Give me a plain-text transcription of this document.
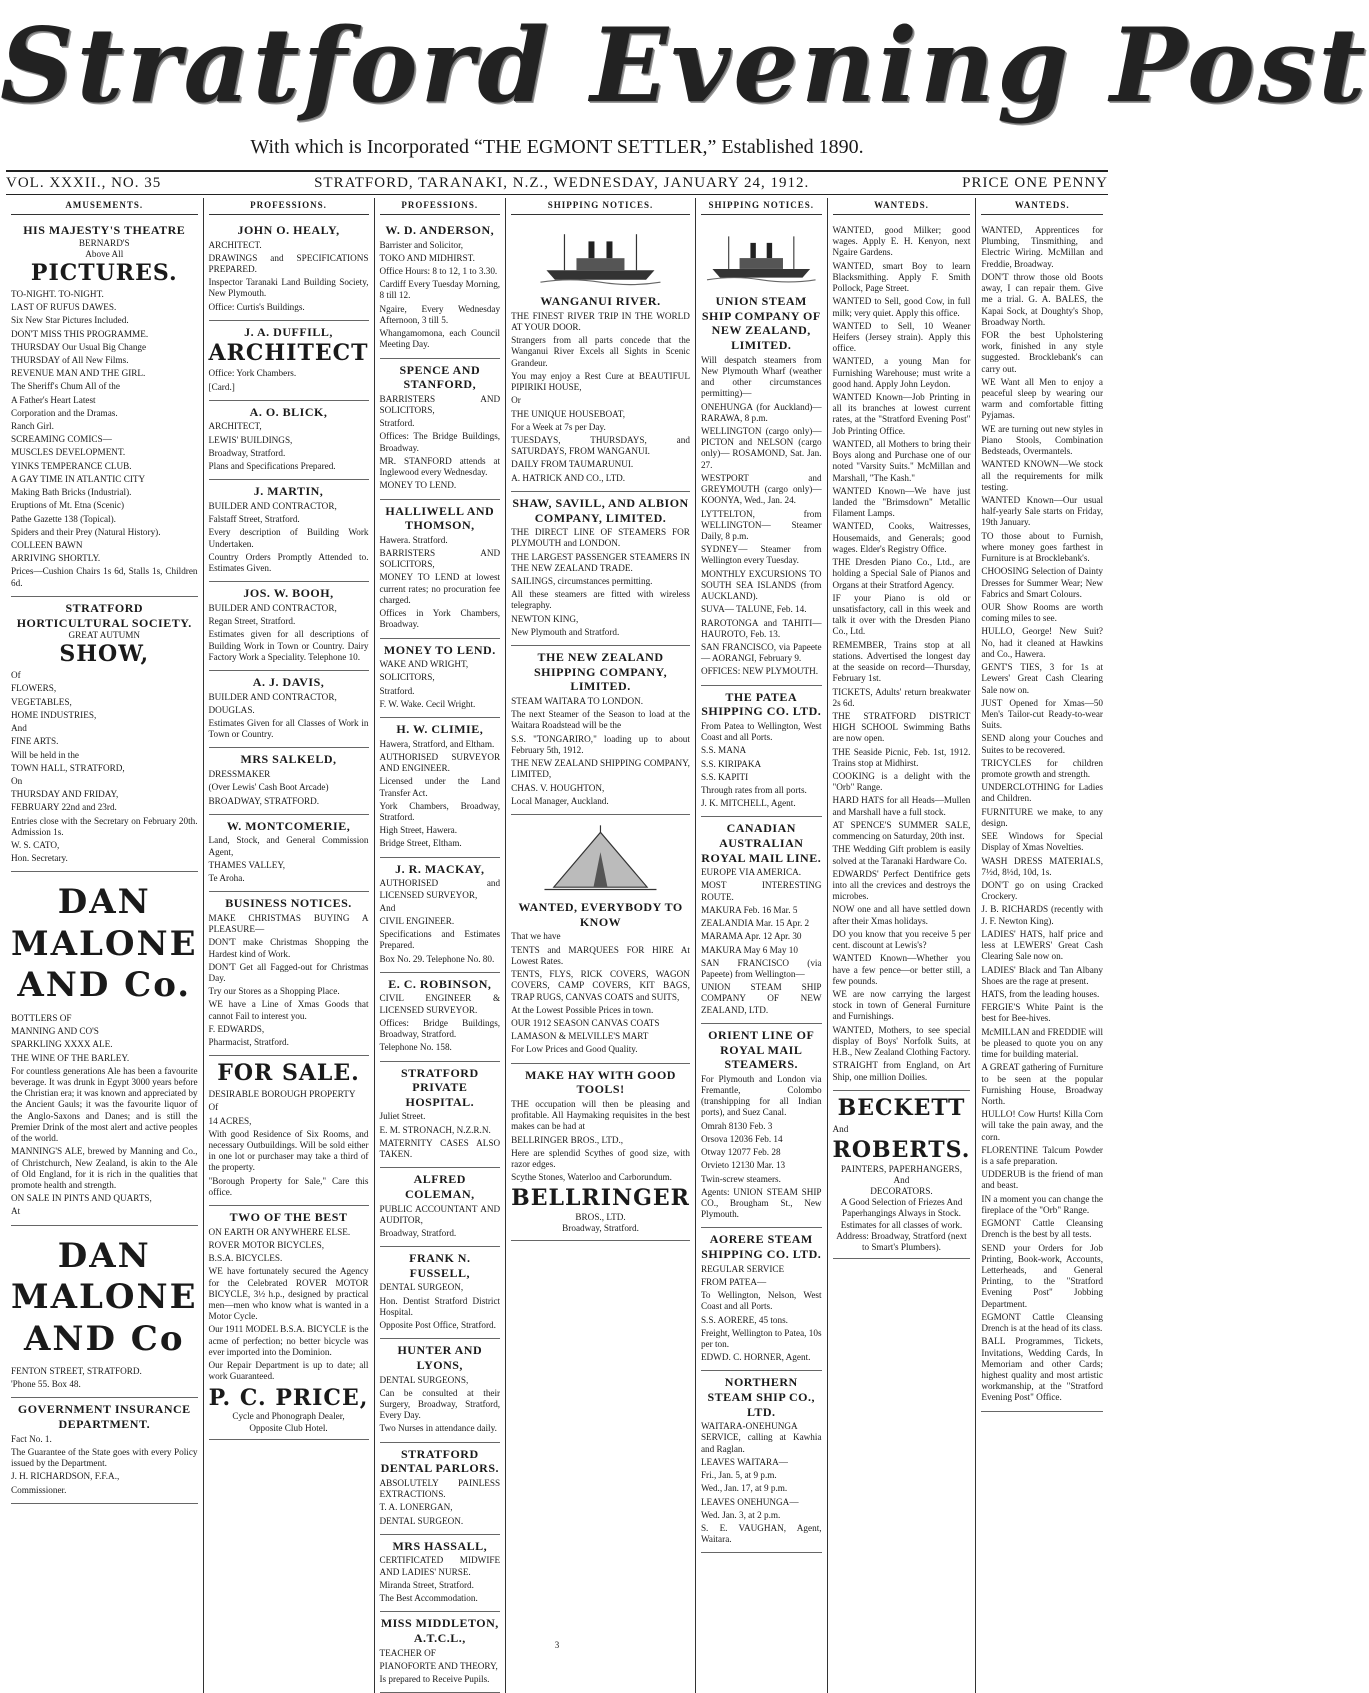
Stratford Evening Post
With which is Incorporated “THE EGMONT SETTLER,” Established 1890.
VOL. XXXII., NO. 35	STRATFORD, TARANAKI, N.Z., WEDNESDAY, JANUARY 24, 1912.	PRICE ONE PENNY
AMUSEMENTS.
HIS MAJESTY'S THEATRE
BERNARD'S
Above All
PICTURES.

TO-NIGHT. TO-NIGHT.

LAST OF RUFUS DAWES.

Six New Star Pictures Included.

DON'T MISS THIS PROGRAMME.

THURSDAY Our Usual Big Change

THURSDAY of All New Films.

REVENUE MAN AND THE GIRL.

The Sheriff's Chum All of the

A Father's Heart Latest

Corporation and the Dramas.

Ranch Girl.

SCREAMING COMICS—

MUSCLES DEVELOPMENT.

YINKS TEMPERANCE CLUB.

A GAY TIME IN ATLANTIC CITY

Making Bath Bricks (Industrial).

Eruptions of Mt. Etna (Scenic)

Pathe Gazette 138 (Topical).

Spiders and their Prey (Natural History).

COLLEEN BAWN

ARRIVING SHORTLY.

Prices—Cushion Chairs 1s 6d, Stalls 1s, Children 6d.

STRATFORD HORTICULTURAL SOCIETY.
GREAT AUTUMN
SHOW,

Of

FLOWERS,

VEGETABLES,

HOME INDUSTRIES,

And

FINE ARTS.

Will be held in the

TOWN HALL, STRATFORD,

On

THURSDAY AND FRIDAY,

FEBRUARY 22nd and 23rd.

Entries close with the Secretary on February 20th. Admission 1s.

W. S. CATO,

Hon. Secretary.

DAN MALONE AND Co.

BOTTLERS OF

MANNING AND CO'S

SPARKLING XXXX ALE.

THE WINE OF THE BARLEY.

For countless generations Ale has been a favourite beverage. It was drunk in Egypt 3000 years before the Christian era; it was known and appreciated by the Ancient Gauls; it was the favourite liquor of the Anglo-Saxons and Danes; and is still the Premier Drink of the most alert and active peoples of the world.

MANNING'S ALE, brewed by Manning and Co., of Christchurch, New Zealand, is akin to the Ale of Old England, for it is rich in the qualities that promote health and strength.

ON SALE IN PINTS AND QUARTS,

At

DAN MALONE AND Co

FENTON STREET, STRATFORD.

'Phone 55. Box 48.

GOVERNMENT INSURANCE DEPARTMENT.

Fact No. 1.

The Guarantee of the State goes with every Policy issued by the Department.

J. H. RICHARDSON, F.F.A.,

Commissioner.

PROFESSIONS.
JOHN O. HEALY,

ARCHITECT.

DRAWINGS and SPECIFICATIONS PREPARED.

Inspector Taranaki Land Building Society, New Plymouth.

Office: Curtis's Buildings.

J. A. DUFFILL,
ARCHITECT

Office: York Chambers.

[Card.]

A. O. BLICK,

ARCHITECT,

LEWIS' BUILDINGS,

Broadway, Stratford.

Plans and Specifications Prepared.

J. MARTIN,

BUILDER AND CONTRACTOR,

Falstaff Street, Stratford.

Every description of Building Work Undertaken.

Country Orders Promptly Attended to. Estimates Given.

JOS. W. BOOH,

BUILDER AND CONTRACTOR,

Regan Street, Stratford.

Estimates given for all descriptions of Building Work in Town or Country. Dairy Factory Work a Speciality. Telephone 10.

A. J. DAVIS,

BUILDER AND CONTRACTOR,

DOUGLAS.

Estimates Given for all Classes of Work in Town or Country.

MRS SALKELD,

DRESSMAKER

(Over Lewis' Cash Boot Arcade)

BROADWAY, STRATFORD.

W. MONTCOMERIE,

Land, Stock, and General Commission Agent,

THAMES VALLEY,

Te Aroha.

BUSINESS NOTICES.

MAKE CHRISTMAS BUYING A PLEASURE—

DON'T make Christmas Shopping the Hardest kind of Work.

DON'T Get all Fagged-out for Christmas Day.

Try our Stores as a Shopping Place.

WE have a Line of Xmas Goods that cannot Fail to interest you.

F. EDWARDS,

Pharmacist, Stratford.

FOR SALE.

DESIRABLE BOROUGH PROPERTY

Of

14 ACRES,

With good Residence of Six Rooms, and necessary Outbuildings. Will be sold either in one lot or purchaser may take a third of the property.

"Borough Property for Sale," Care this office.

TWO OF THE BEST

ON EARTH OR ANYWHERE ELSE.

ROVER MOTOR BICYCLES,

B.S.A. BICYCLES.

WE have fortunately secured the Agency for the Celebrated ROVER MOTOR BICYCLE, 3½ h.p., designed by practical men—men who know what is wanted in a Motor Cycle.

Our 1911 MODEL B.S.A. BICYCLE is the acme of perfection; no better bicycle was ever imported into the Dominion.

Our Repair Department is up to date; all work Guaranteed.

P. C. PRICE,
Cycle and Phonograph Dealer,
Opposite Club Hotel.
PROFESSIONS.
W. D. ANDERSON,

Barrister and Solicitor,

TOKO AND MIDHIRST.

Office Hours: 8 to 12, 1 to 3.30.

Cardiff Every Tuesday Morning, 8 till 12.

Ngaire, Every Wednesday Afternoon, 3 till 5.

Whangamomona, each Council Meeting Day.

SPENCE AND STANFORD,

BARRISTERS AND SOLICITORS,

Stratford.

Offices: The Bridge Buildings, Broadway.

MR. STANFORD attends at Inglewood every Wednesday.

MONEY TO LEND.

HALLIWELL AND THOMSON,

Hawera. Stratford.

BARRISTERS AND SOLICITORS,

MONEY TO LEND at lowest current rates; no procuration fee charged.

Offices in York Chambers, Broadway.

MONEY TO LEND.

WAKE AND WRIGHT,

SOLICITORS,

Stratford.

F. W. Wake. Cecil Wright.

H. W. CLIMIE,

Hawera, Stratford, and Eltham.

AUTHORISED SURVEYOR AND ENGINEER.

Licensed under the Land Transfer Act.

York Chambers, Broadway, Stratford.

High Street, Hawera.

Bridge Street, Eltham.

J. R. MACKAY,

AUTHORISED and LICENSED SURVEYOR,

And

CIVIL ENGINEER.

Specifications and Estimates Prepared.

Box No. 29. Telephone No. 80.

E. C. ROBINSON,

CIVIL ENGINEER & LICENSED SURVEYOR.

Offices: Bridge Buildings, Broadway, Stratford.

Telephone No. 158.

STRATFORD PRIVATE HOSPITAL.

Juliet Street.

E. M. STRONACH, N.Z.R.N.

MATERNITY CASES ALSO TAKEN.

ALFRED COLEMAN,

PUBLIC ACCOUNTANT AND AUDITOR,

Broadway, Stratford.

FRANK N. FUSSELL,

DENTAL SURGEON,

Hon. Dentist Stratford District Hospital.

Opposite Post Office, Stratford.

HUNTER AND LYONS,

DENTAL SURGEONS,

Can be consulted at their Surgery, Broadway, Stratford, Every Day.

Two Nurses in attendance daily.

STRATFORD DENTAL PARLORS.

ABSOLUTELY PAINLESS EXTRACTIONS.

T. A. LONERGAN,

DENTAL SURGEON.

MRS HASSALL,

CERTIFICATED MIDWIFE AND LADIES' NURSE.

Miranda Street, Stratford.

The Best Accommodation.

MISS MIDDLETON, A.T.C.L.,

TEACHER OF

PIANOFORTE AND THEORY,

Is prepared to Receive Pupils.

SHIPPING NOTICES.
WANGANUI RIVER.

THE FINEST RIVER TRIP IN THE WORLD AT YOUR DOOR.

Strangers from all parts concede that the Wanganui River Excels all Sights in Scenic Grandeur.

You may enjoy a Rest Cure at BEAUTIFUL PIPIRIKI HOUSE,

Or

THE UNIQUE HOUSEBOAT,

For a Week at 7s per Day.

TUESDAYS, THURSDAYS, and SATURDAYS, FROM WANGANUI.

DAILY FROM TAUMARUNUI.

A. HATRICK AND CO., LTD.

SHAW, SAVILL, AND ALBION COMPANY, LIMITED.

THE DIRECT LINE OF STEAMERS FOR PLYMOUTH and LONDON.

THE LARGEST PASSENGER STEAMERS IN THE NEW ZEALAND TRADE.

SAILINGS, circumstances permitting.

All these steamers are fitted with wireless telegraphy.

NEWTON KING,

New Plymouth and Stratford.

THE NEW ZEALAND SHIPPING COMPANY, LIMITED.

STEAM WAITARA TO LONDON.

The next Steamer of the Season to load at the Waitara Roadstead will be the

S.S. "TONGARIRO," loading up to about February 5th, 1912.

THE NEW ZEALAND SHIPPING COMPANY, LIMITED,

CHAS. V. HOUGHTON,

Local Manager, Auckland.

WANTED, EVERYBODY TO KNOW

That we have

TENTS and MARQUEES FOR HIRE At Lowest Rates.

TENTS, FLYS, RICK COVERS, WAGON COVERS, CAMP COVERS, KIT BAGS, TRAP RUGS, CANVAS COATS and SUITS,

At the Lowest Possible Prices in town.

OUR 1912 SEASON CANVAS COATS

LAMASON & MELVILLE'S MART

For Low Prices and Good Quality.

MAKE HAY WITH GOOD TOOLS!

THE occupation will then be pleasing and profitable. All Haymaking requisites in the best makes can be had at

BELLRINGER BROS., LTD.,

Here are splendid Scythes of good size, with razor edges.

Scythe Stones, Waterloo and Carborundum.

BELLRINGER
BROS., LTD.
Broadway, Stratford.
SHIPPING NOTICES.
UNION STEAM SHIP COMPANY OF NEW ZEALAND, LIMITED.

Will despatch steamers from New Plymouth Wharf (weather and other circumstances permitting)—

ONEHUNGA (for Auckland)— RARAWA, 8 p.m.

WELLINGTON (cargo only)— PICTON and NELSON (cargo only)— ROSAMOND, Sat. Jan. 27.

WESTPORT and GREYMOUTH (cargo only)— KOONYA, Wed., Jan. 24.

LYTTELTON, from WELLINGTON— Steamer Daily, 8 p.m.

SYDNEY— Steamer from Wellington every Tuesday.

MONTHLY EXCURSIONS TO SOUTH SEA ISLANDS (from AUCKLAND).

SUVA— TALUNE, Feb. 14.

RAROTONGA and TAHITI— HAUROTO, Feb. 13.

SAN FRANCISCO, via Papeete— AORANGI, February 9.

OFFICES: NEW PLYMOUTH.

THE PATEA SHIPPING CO. LTD.

From Patea to Wellington, West Coast and all Ports.

S.S. MANA

S.S. KIRIPAKA

S.S. KAPITI

Through rates from all ports.

J. K. MITCHELL, Agent.

CANADIAN AUSTRALIAN ROYAL MAIL LINE.

EUROPE VIA AMERICA.

MOST INTERESTING ROUTE.

MAKURA Feb. 16 Mar. 5

ZEALANDIA Mar. 15 Apr. 2

MARAMA Apr. 12 Apr. 30

MAKURA May 6 May 10

SAN FRANCISCO (via Papeete) from Wellington—

UNION STEAM SHIP COMPANY OF NEW ZEALAND, LTD.

ORIENT LINE OF ROYAL MAIL STEAMERS.

For Plymouth and London via Fremantle, Colombo (transhipping for all Indian ports), and Suez Canal.

Omrah 8130 Feb. 3

Orsova 12036 Feb. 14

Otway 12077 Feb. 28

Orvieto 12130 Mar. 13

Twin-screw steamers.

Agents: UNION STEAM SHIP CO., Brougham St., New Plymouth.

AORERE STEAM SHIPPING CO. LTD.

REGULAR SERVICE

FROM PATEA—

To Wellington, Nelson, West Coast and all Ports.

S.S. AORERE, 45 tons.

Freight, Wellington to Patea, 10s per ton.

EDWD. C. HORNER, Agent.

NORTHERN STEAM SHIP CO., LTD.

WAITARA-ONEHUNGA SERVICE, calling at Kawhia and Raglan.

LEAVES WAITARA—

Fri., Jan. 5, at 9 p.m.

Wed., Jan. 17, at 9 p.m.

LEAVES ONEHUNGA—

Wed. Jan. 3, at 2 p.m.

S. E. VAUGHAN, Agent, Waitara.

WANTEDS.

WANTED, good Milker; good wages. Apply E. H. Kenyon, next Ngaire Gardens.

WANTED, smart Boy to learn Blacksmithing. Apply F. Smith Pollock, Page Street.

WANTED to Sell, good Cow, in full milk; very quiet. Apply this office.

WANTED to Sell, 10 Weaner Heifers (Jersey strain). Apply this office.

WANTED, a young Man for Furnishing Warehouse; must write a good hand. Apply John Leydon.

WANTED Known—Job Printing in all its branches at lowest current rates, at the "Stratford Evening Post" Job Printing Office.

WANTED, all Mothers to bring their Boys along and Purchase one of our noted "Varsity Suits." McMillan and Marshall, "The Kash."

WANTED Known—We have just landed the "Brimsdown" Metallic Filament Lamps.

WANTED, Cooks, Waitresses, Housemaids, and Generals; good wages. Elder's Registry Office.

THE Dresden Piano Co., Ltd., are holding a Special Sale of Pianos and Organs at their Stratford Agency.

IF your Piano is old or unsatisfactory, call in this week and talk it over with the Dresden Piano Co., Ltd.

REMEMBER, Trains stop at all stations. Advertised the longest day at the seaside on record—Thursday, February 1st.

TICKETS, Adults' return breakwater 2s 6d.

THE STRATFORD DISTRICT HIGH SCHOOL Swimming Baths are now open.

THE Seaside Picnic, Feb. 1st, 1912. Trains stop at Midhirst.

COOKING is a delight with the "Orb" Range.

HARD HATS for all Heads—Mullen and Marshall have a full stock.

AT SPENCE'S SUMMER SALE, commencing on Saturday, 20th inst.

THE Wedding Gift problem is easily solved at the Taranaki Hardware Co.

EDWARDS' Perfect Dentifrice gets into all the crevices and destroys the microbes.

NOW one and all have settled down after their Xmas holidays.

DO you know that you receive 5 per cent. discount at Lewis's?

WANTED Known—Whether you have a few pence—or better still, a few pounds.

WE are now carrying the largest stock in town of General Furniture and Furnishings.

WANTED, Mothers, to see special display of Boys' Norfolk Suits, at H.B., New Zealand Clothing Factory.

STRAIGHT from England, on Art Ship, one million Doilies.

BECKETT

And

ROBERTS.
PAINTERS, PAPERHANGERS,
And
DECORATORS.
A Good Selection of Friezes And Paperhangings Always in Stock.
Estimates for all classes of work.
Address: Broadway, Stratford (next to Smart's Plumbers).
WANTEDS.

WANTED, Apprentices for Plumbing, Tinsmithing, and Electric Wiring. McMillan and Freddie, Broadway.

DON'T throw those old Boots away, I can repair them. Give me a trial. G. A. BALES, the Kapai Sock, at Doughty's Shop, Broadway North.

FOR the best Upholstering work, finished in any style suggested. Brocklebank's can carry out.

WE Want all Men to enjoy a peaceful sleep by wearing our warm and comfortable fitting Pyjamas.

WE are turning out new styles in Piano Stools, Combination Bedsteads, Overmantels.

WANTED KNOWN—We stock all the requirements for milk testing.

WANTED Known—Our usual half-yearly Sale starts on Friday, 19th January.

TO those about to Furnish, where money goes farthest in Furniture is at Brocklebank's.

CHOOSING Selection of Dainty Dresses for Summer Wear; New Fabrics and Smart Colours.

OUR Show Rooms are worth coming miles to see.

HULLO, George! New Suit? No, had it cleaned at Hawkins and Co., Hawera.

GENT'S TIES, 3 for 1s at Lewers' Great Cash Clearing Sale now on.

JUST Opened for Xmas—50 Men's Tailor-cut Ready-to-wear Suits.

SEND along your Couches and Suites to be recovered.

TRICYCLES for children promote growth and strength.

UNDERCLOTHING for Ladies and Children.

FURNITURE we make, to any design.

SEE Windows for Special Display of Xmas Novelties.

WASH DRESS MATERIALS, 7½d, 8½d, 10d, 1s.

DON'T go on using Cracked Crockery.

J. B. RICHARDS (recently with J. F. Newton King).

LADIES' HATS, half price and less at LEWERS' Great Cash Clearing Sale now on.

LADIES' Black and Tan Albany Shoes are the rage at present.

HATS, from the leading houses.

FERGIE'S White Paint is the best for Bee-hives.

McMILLAN and FREDDIE will be pleased to quote you on any time for building material.

A GREAT gathering of Furniture to be seen at the popular Furnishing House, Broadway North.

HULLO! Cow Hurts! Killa Corn will take the pain away, and the corn.

FLORENTINE Talcum Powder is a safe preparation.

UDDERUB is the friend of man and beast.

IN a moment you can change the fireplace of the "Orb" Range.

EGMONT Cattle Cleansing Drench is the best by all tests.

SEND your Orders for Job Printing, Book-work, Accounts, Letterheads, and General Printing, to the "Stratford Evening Post" Jobbing Department.

EGMONT Cattle Cleansing Drench is at the head of its class.

BALL Programmes, Tickets, Invitations, Wedding Cards, In Memoriam and other Cards; highest quality and most artistic workmanship, at the "Stratford Evening Post" Office.

3
